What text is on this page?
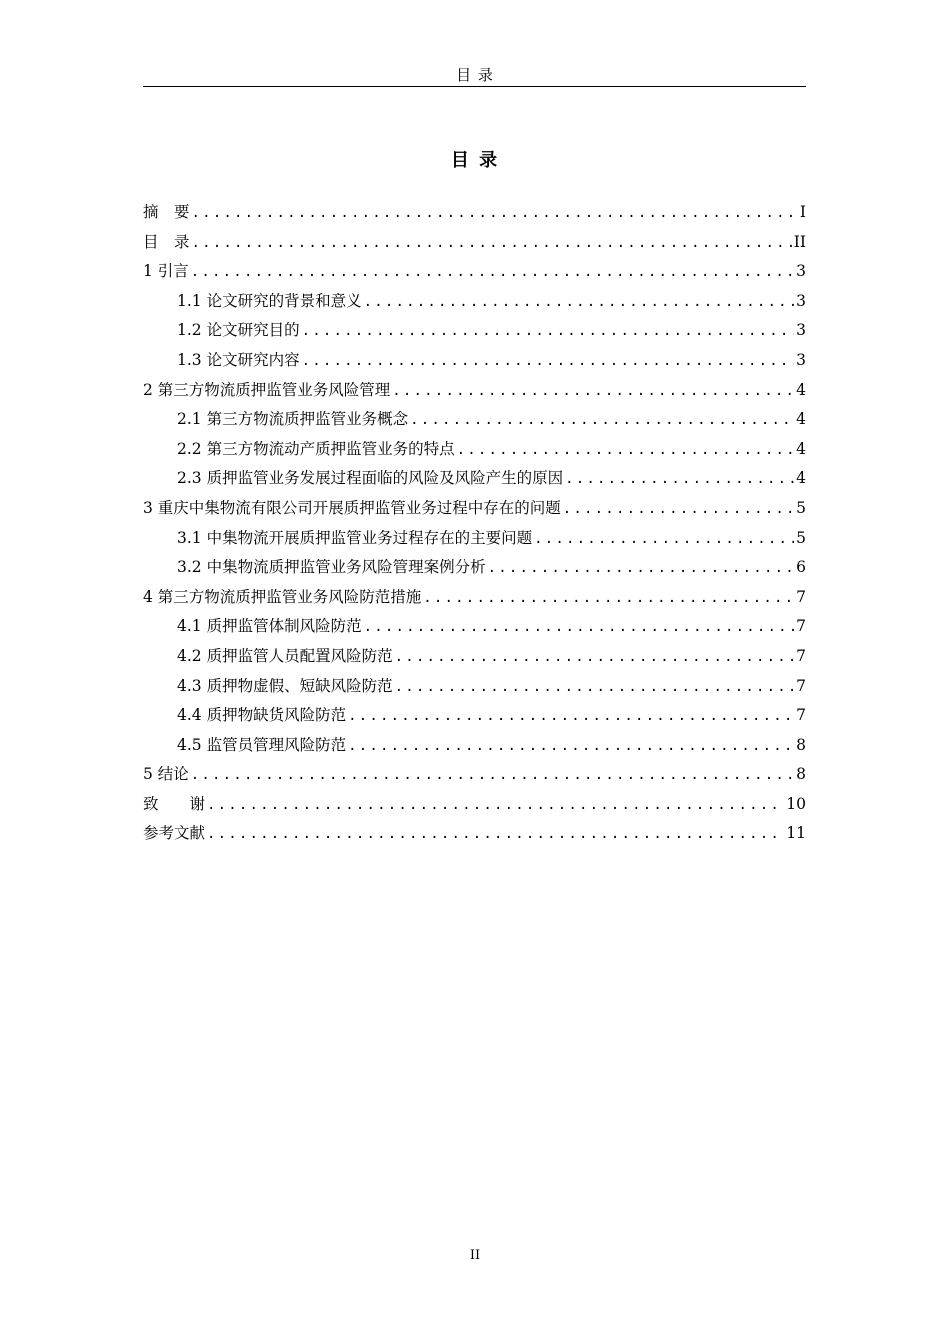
目 录
目 录
摘　要 .....	I
目　录 .....	II
1 引言 .....	3
1.1 论文研究的背景和意义 .....	3
1.2 论文研究目的 .....	3
1.3 论文研究内容 .....	3
2 第三方物流质押监管业务风险管理 .....	4
2.1 第三方物流质押监管业务概念 .....	4
2.2 第三方物流动产质押监管业务的特点 .....	4
2.3 质押监管业务发展过程面临的风险及风险产生的原因 .....	4
3 重庆中集物流有限公司开展质押监管业务过程中存在的问题 .....	5
3.1 中集物流开展质押监管业务过程存在的主要问题 .....	5
3.2 中集物流质押监管业务风险管理案例分析 .....	6
4 第三方物流质押监管业务风险防范措施 .....	7
4.1 质押监管体制风险防范 .....	7
4.2 质押监管人员配置风险防范 .....	7
4.3 质押物虚假、短缺风险防范 .....	7
4.4 质押物缺货风险防范 .....	7
4.5 监管员管理风险防范 .....	8
5 结论 .....	8
致　　谢 .....	10
参考文献 .....	11
II
